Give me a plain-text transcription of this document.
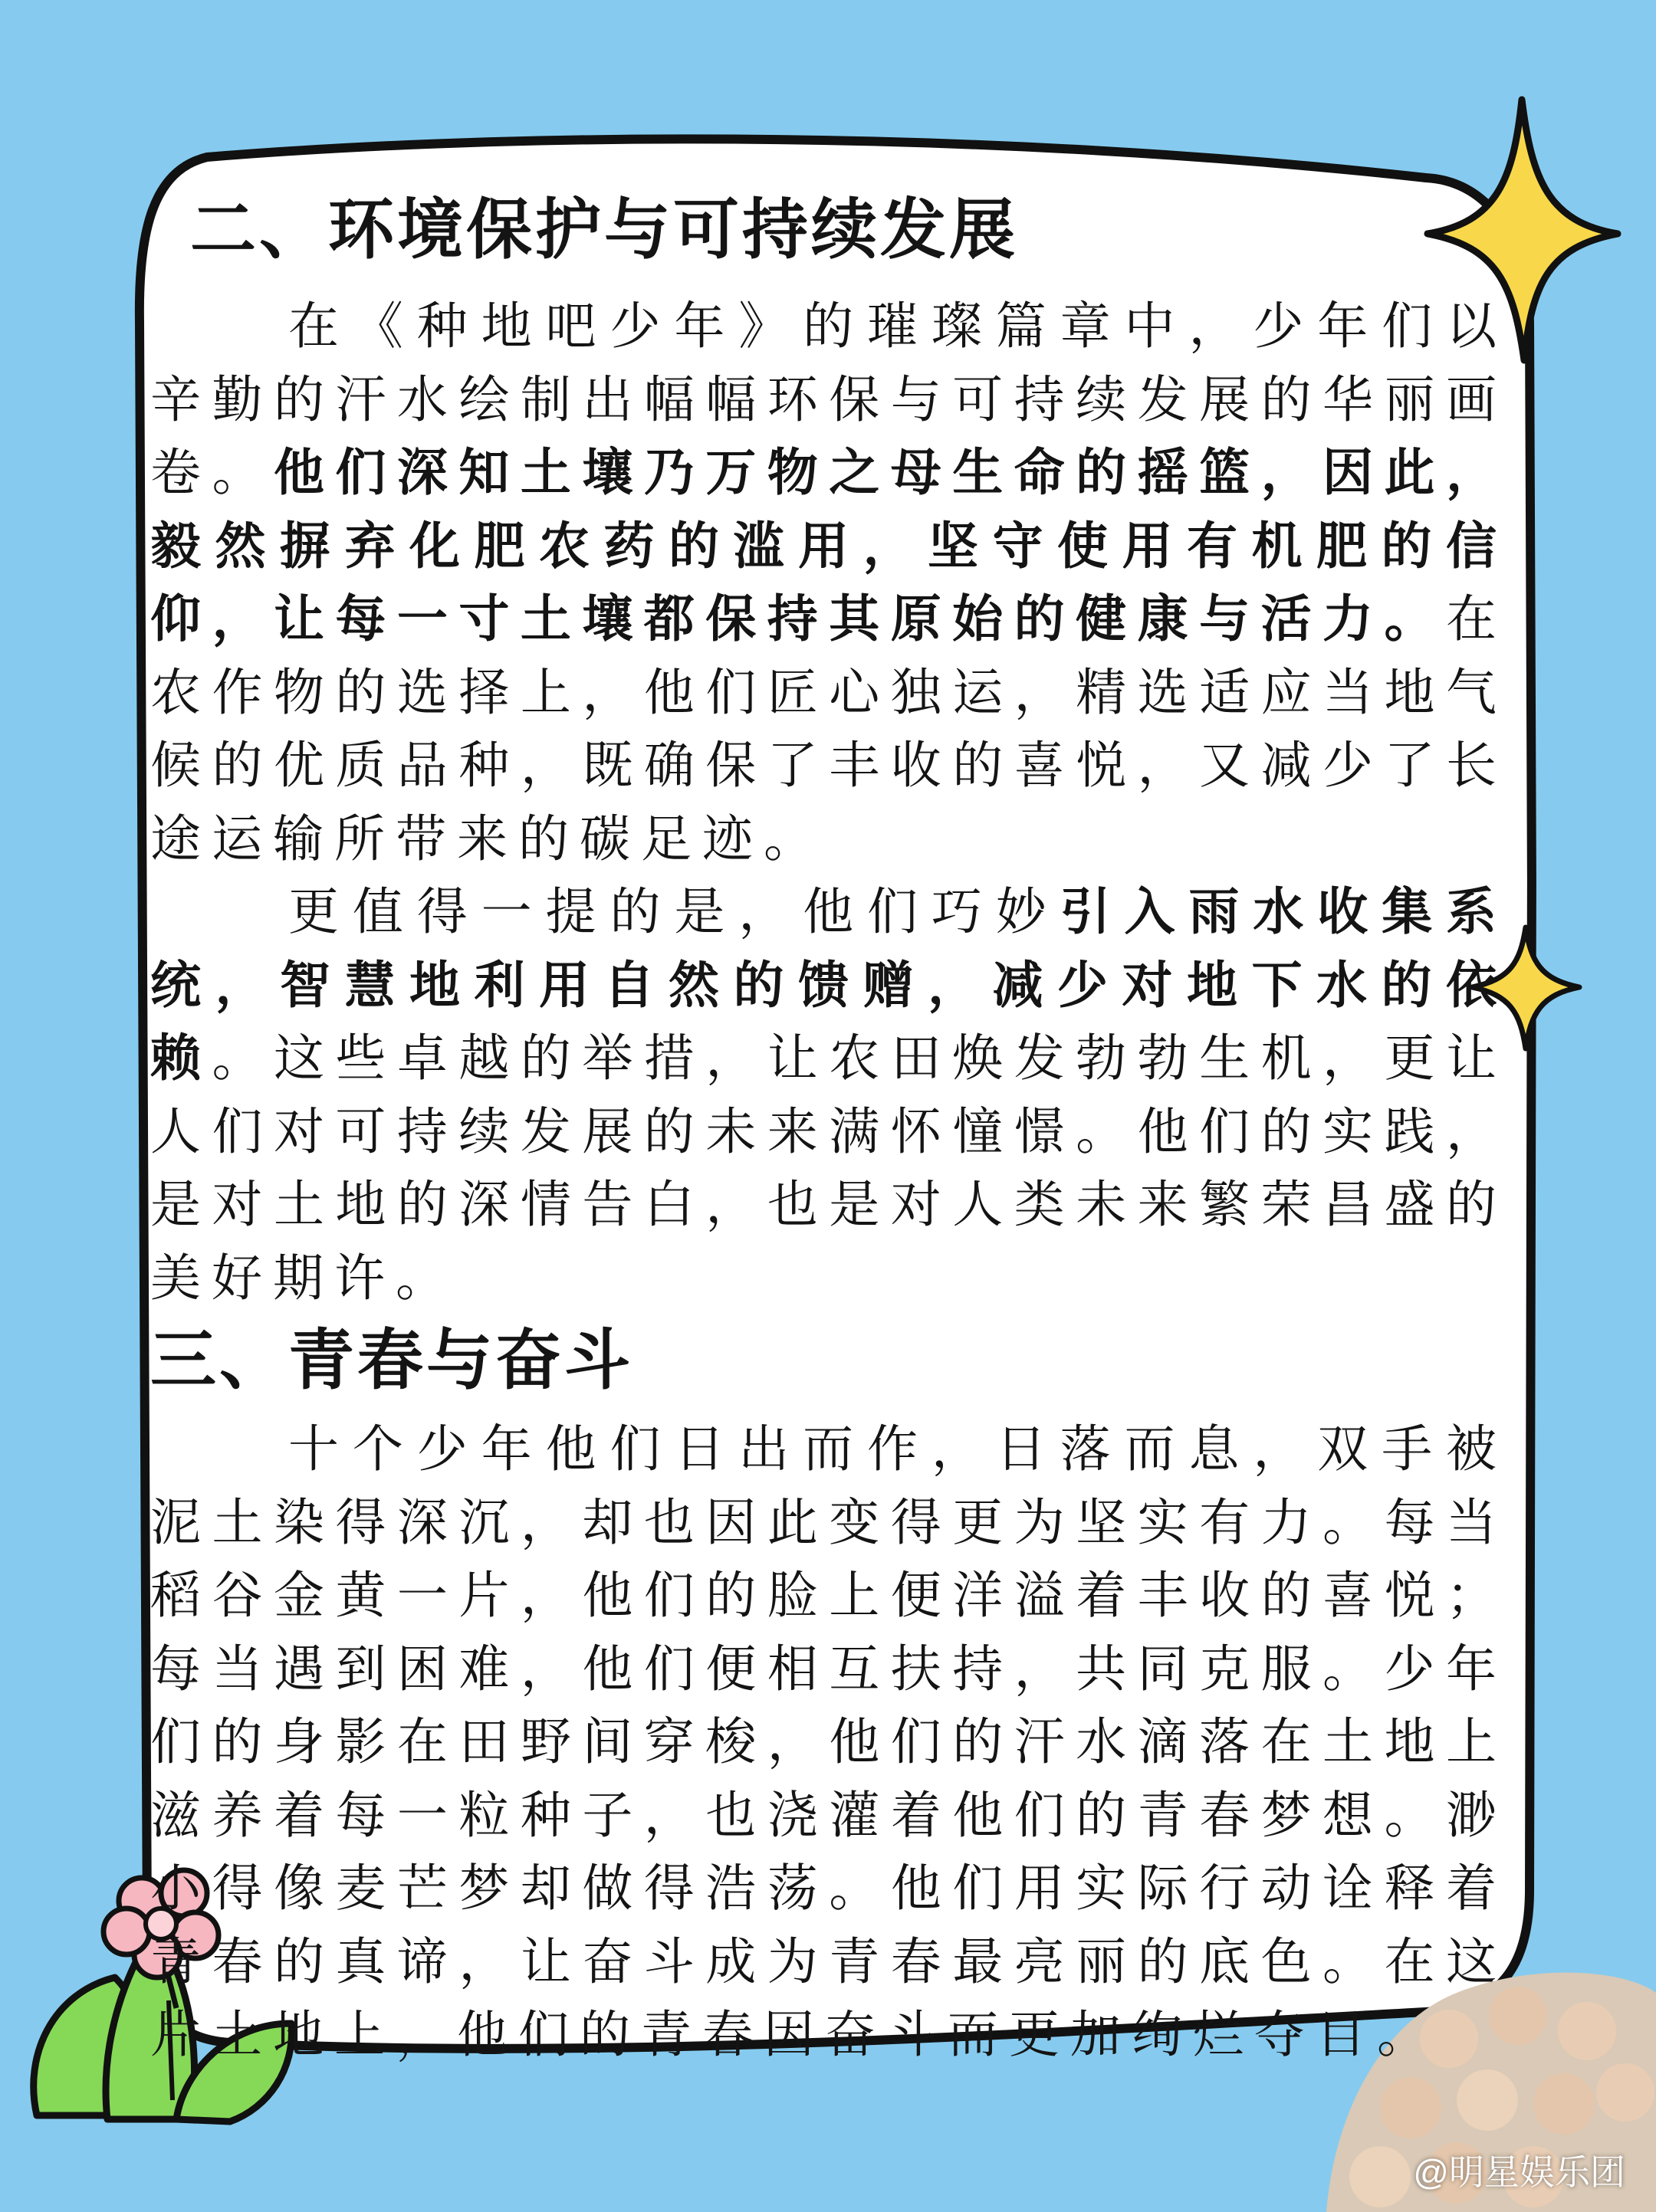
二、环境保护与可持续发展

在《种地吧少年》的璀璨篇章中，少年们以辛勤的汗水绘制出幅幅环保与可持续发展的华丽画卷。他们深知土壤乃万物之母生命的摇篮，因此，毅然摒弃化肥农药的滥用，坚守使用有机肥的信仰，让每一寸土壤都保持其原始的健康与活力。在农作物的选择上，他们匠心独运，精选适应当地气候的优质品种，既确保了丰收的喜悦，又减少了长途运输所带来的碳足迹。

更值得一提的是，他们巧妙引入雨水收集系统，智慧地利用自然的馈赠，减少对地下水的依赖。这些卓越的举措，让农田焕发勃勃生机，更让人们对可持续发展的未来满怀憧憬。他们的实践，是对土地的深情告白，也是对人类未来繁荣昌盛的美好期许。

三、青春与奋斗

十个少年他们日出而作，日落而息，双手被泥土染得深沉，却也因此变得更为坚实有力。每当稻谷金黄一片，他们的脸上便洋溢着丰收的喜悦；每当遇到困难，他们便相互扶持，共同克服。少年们的身影在田野间穿梭，他们的汗水滴落在土地上滋养着每一粒种子，也浇灌着他们的青春梦想。渺小得像麦芒梦却做得浩荡。他们用实际行动诠释着青春的真谛，让奋斗成为青春最亮丽的底色。在这片土地上，他们的青春因奋斗而更加绚烂夺目。

@明星娱乐团
